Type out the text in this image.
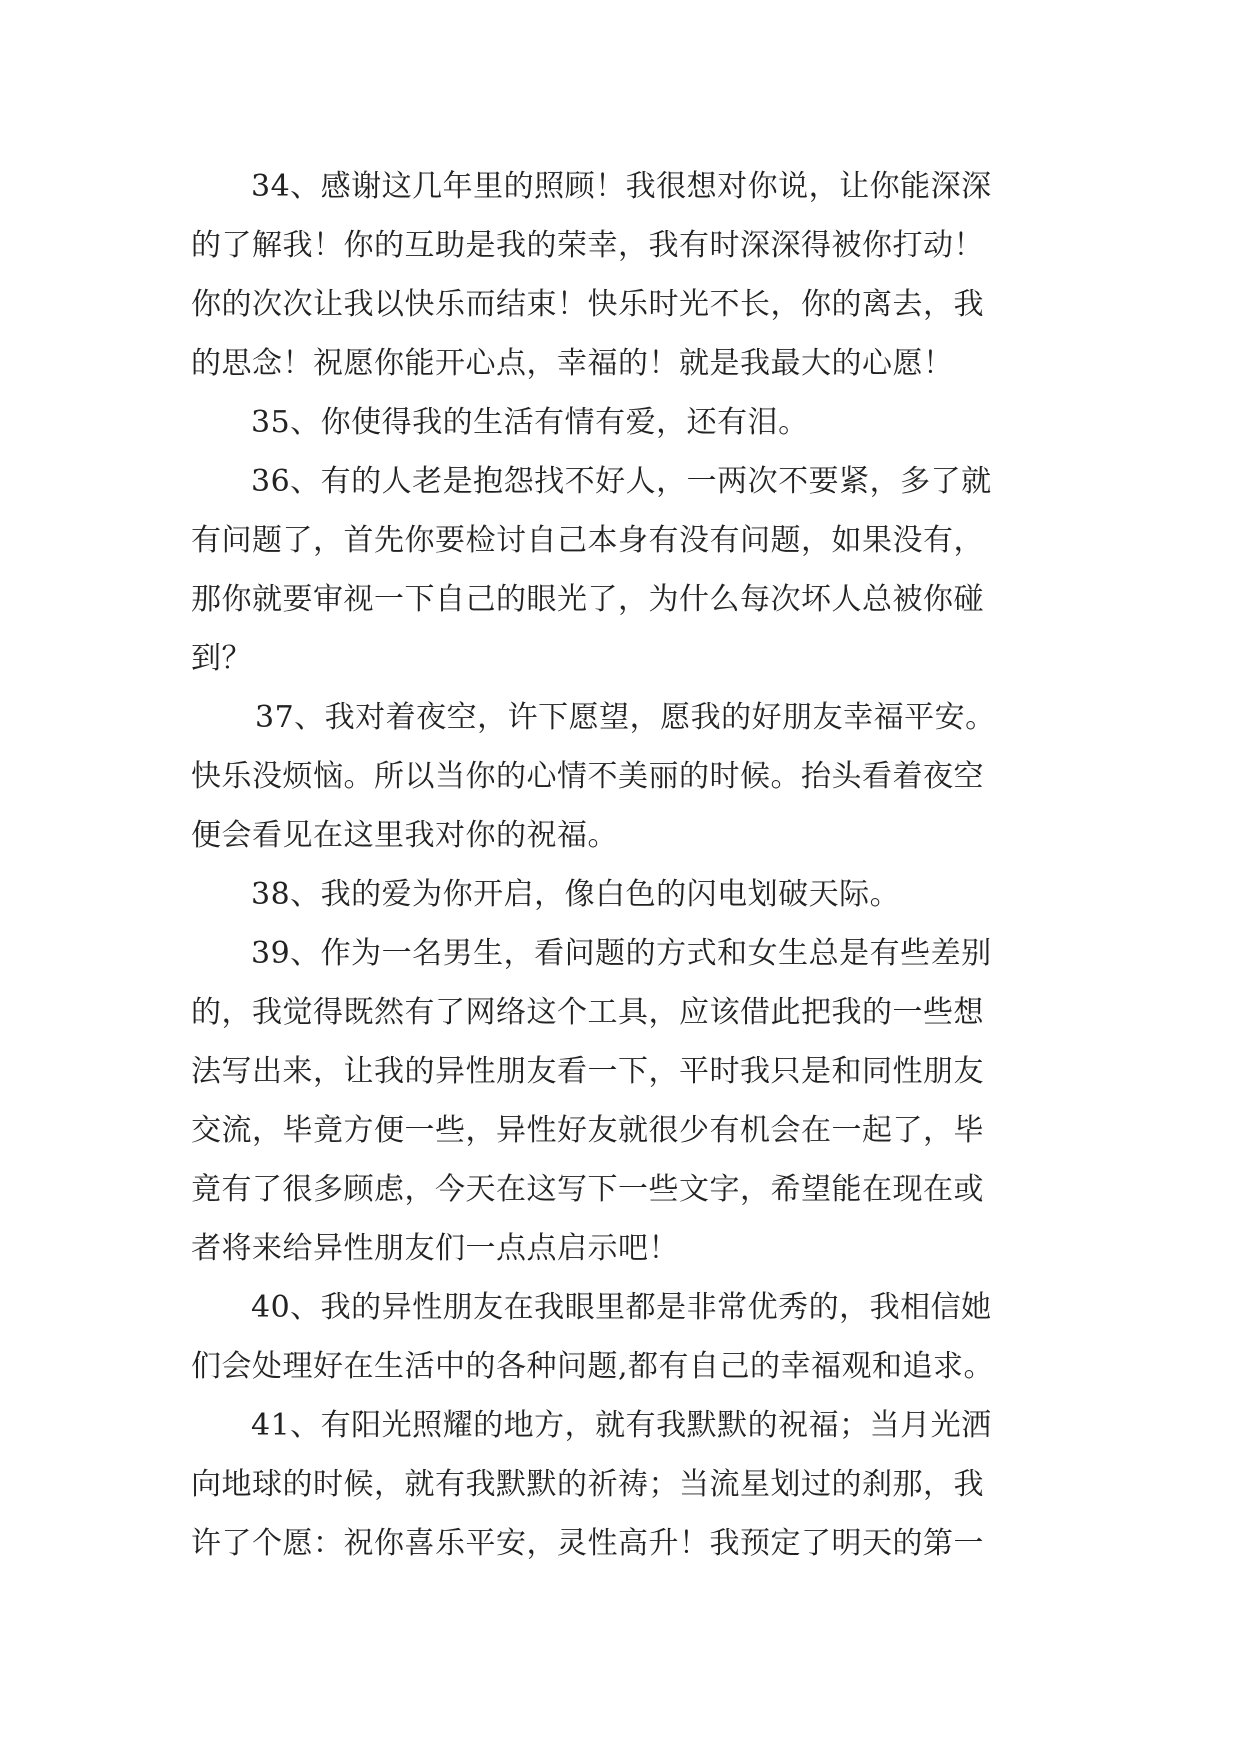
34、感谢这几年里的照顾！我很想对你说，让你能深深
的了解我！你的互助是我的荣幸，我有时深深得被你打动！
你的次次让我以快乐而结束！快乐时光不长，你的离去，我
的思念！祝愿你能开心点，幸福的！就是我最大的心愿！
35、你使得我的生活有情有爱，还有泪。
36、有的人老是抱怨找不好人，一两次不要紧，多了就
有问题了，首先你要检讨自己本身有没有问题，如果没有，
那你就要审视一下自己的眼光了，为什么每次坏人总被你碰
到？
37、我对着夜空，许下愿望，愿我的好朋友幸福平安。
快乐没烦恼。所以当你的心情不美丽的时候。抬头看着夜空
便会看见在这里我对你的祝福。
38、我的爱为你开启，像白色的闪电划破天际。
39、作为一名男生，看问题的方式和女生总是有些差别
的，我觉得既然有了网络这个工具，应该借此把我的一些想
法写出来，让我的异性朋友看一下，平时我只是和同性朋友
交流，毕竟方便一些，异性好友就很少有机会在一起了，毕
竟有了很多顾虑，今天在这写下一些文字，希望能在现在或
者将来给异性朋友们一点点启示吧！
40、我的异性朋友在我眼里都是非常优秀的，我相信她
们会处理好在生活中的各种问题,都有自己的幸福观和追求。
41、有阳光照耀的地方，就有我默默的祝福；当月光洒
向地球的时候，就有我默默的祈祷；当流星划过的刹那，我
许了个愿：祝你喜乐平安，灵性高升！我预定了明天的第一
